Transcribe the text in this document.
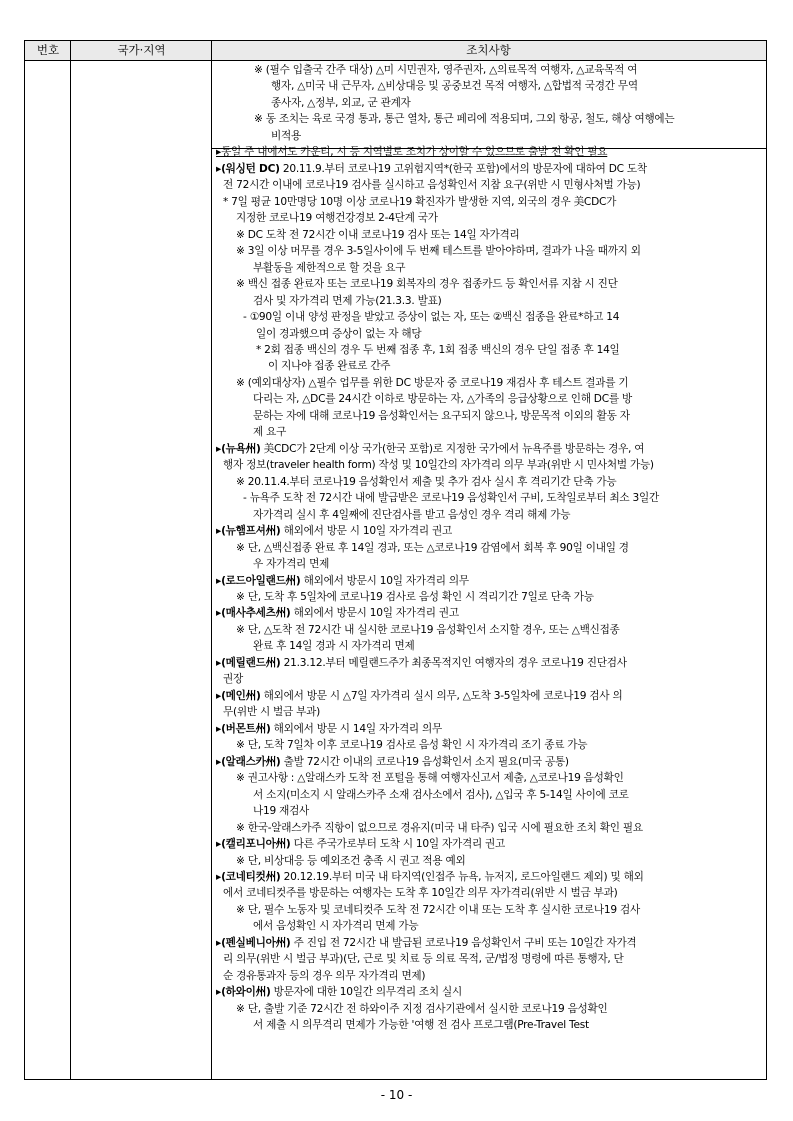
번호	국가·지역	조치사항
※ (필수 입출국 간주 대상) △미 시민권자, 영주권자, △의료목적 여행자, △교육목적 여
행자, △미국 내 근무자, △비상대응 및 공중보건 목적 여행자, △합법적 국경간 무역
종사자, △정부, 외교, 군 관계자
※ 동 조치는 육로 국경 통과, 통근 열차, 통근 페리에 적용되며, 그외 항공, 철도, 해상 여행에는
비적용
▸동일 주 내에서도 카운티, 시 등 지역별로 조치가 상이할 수 있으므로 출발 전 확인 필요
▸(워싱턴 DC) 20.11.9.부터 코로나19 고위험지역*(한국 포함)에서의 방문자에 대하여 DC 도착
전 72시간 이내에 코로나19 검사를 실시하고 음성확인서 지참 요구(위반 시 민형사처벌 가능)
* 7일 평균 10만명당 10명 이상 코로나19 확진자가 발생한 지역, 외국의 경우 美CDC가
지정한 코로나19 여행건강경보 2-4단계 국가
※ DC 도착 전 72시간 이내 코로나19 검사 또는 14일 자가격리
※ 3일 이상 머무를 경우 3-5일사이에 두 번째 테스트를 받아야하며, 결과가 나올 때까지 외
부활동을 제한적으로 할 것을 요구
※ 백신 접종 완료자 또는 코로나19 회복자의 경우 접종카드 등 확인서류 지참 시 진단
검사 및 자가격리 면제 가능(21.3.3. 발표)
- ①90일 이내 양성 판정을 받았고 증상이 없는 자, 또는 ②백신 접종을 완료*하고 14
일이 경과했으며 증상이 없는 자 해당
* 2회 접종 백신의 경우 두 번째 접종 후, 1회 접종 백신의 경우 단일 접종 후 14일
이 지나야 접종 완료로 간주
※ (예외대상자) △필수 업무를 위한 DC 방문자 중 코로나19 재검사 후 테스트 결과를 기
다리는 자, △DC를 24시간 이하로 방문하는 자, △가족의 응급상황으로 인해 DC를 방
문하는 자에 대해 코로나19 음성확인서는 요구되지 않으나, 방문목적 이외의 활동 자
제 요구
▸(뉴욕州) 美CDC가 2단계 이상 국가(한국 포함)로 지정한 국가에서 뉴욕주를 방문하는 경우, 여
행자 정보(traveler health form) 작성 및 10일간의 자가격리 의무 부과(위반 시 민사처벌 가능)
※ 20.11.4.부터 코로나19 음성확인서 제출 및 추가 검사 실시 후 격리기간 단축 가능
- 뉴욕주 도착 전 72시간 내에 발급받은 코로나19 음성확인서 구비, 도착일로부터 최소 3일간
자가격리 실시 후 4일째에 진단검사를 받고 음성인 경우 격리 해제 가능
▸(뉴햄프셔州) 해외에서 방문 시 10일 자가격리 권고
※ 단, △백신접종 완료 후 14일 경과, 또는 △코로나19 감염에서 회복 후 90일 이내일 경
우 자가격리 면제
▸(로드아일랜드州) 해외에서 방문시 10일 자가격리 의무
※ 단, 도착 후 5일차에 코로나19 검사로 음성 확인 시 격리기간 7일로 단축 가능
▸(매사추세츠州) 해외에서 방문시 10일 자가격리 권고
※ 단, △도착 전 72시간 내 실시한 코로나19 음성확인서 소지할 경우, 또는 △백신접종
완료 후 14일 경과 시 자가격리 면제
▸(메릴랜드州) 21.3.12.부터 메릴랜드주가 최종목적지인 여행자의 경우 코로나19 진단검사
권장
▸(메인州) 해외에서 방문 시 △7일 자가격리 실시 의무, △도착 3-5일차에 코로나19 검사 의
무(위반 시 벌금 부과)
▸(버몬트州) 해외에서 방문 시 14일 자가격리 의무
※ 단, 도착 7일차 이후 코로나19 검사로 음성 확인 시 자가격리 조기 종료 가능
▸(알래스카州) 출발 72시간 이내의 코로나19 음성확인서 소지 필요(미국 공통)
※ 권고사항 : △알래스카 도착 전 포털을 통해 여행자신고서 제출, △코로나19 음성확인
서 소지(미소지 시 알래스카주 소재 검사소에서 검사), △입국 후 5-14일 사이에 코로
나19 재검사
※ 한국-알래스카주 직항이 없으므로 경유지(미국 내 타주) 입국 시에 필요한 조치 확인 필요
▸(캘리포니아州) 다른 주국가로부터 도착 시 10일 자가격리 권고
※ 단, 비상대응 등 예외조건 충족 시 권고 적용 예외
▸(코네티컷州) 20.12.19.부터 미국 내 타지역(인접주 뉴욕, 뉴저지, 로드아일랜드 제외) 및 해외
에서 코네티컷주를 방문하는 여행자는 도착 후 10일간 의무 자가격리(위반 시 벌금 부과)
※ 단, 필수 노동자 및 코네티컷주 도착 전 72시간 이내 또는 도착 후 실시한 코로나19 검사
에서 음성확인 시 자가격리 면제 가능
▸(펜실베니아州) 주 진입 전 72시간 내 발급된 코로나19 음성확인서 구비 또는 10일간 자가격
리 의무(위반 시 벌금 부과)(단, 근로 및 치료 등 의료 목적, 군/법정 명령에 따른 통행자, 단
순 경유통과자 등의 경우 의무 자가격리 면제)
▸(하와이州) 방문자에 대한 10일간 의무격리 조치 실시
※ 단, 출발 기준 72시간 전 하와이주 지정 검사기관에서 실시한 코로나19 음성확인
서 제출 시 의무격리 면제가 가능한 '여행 전 검사 프로그램(Pre-Travel Test
- 10 -
